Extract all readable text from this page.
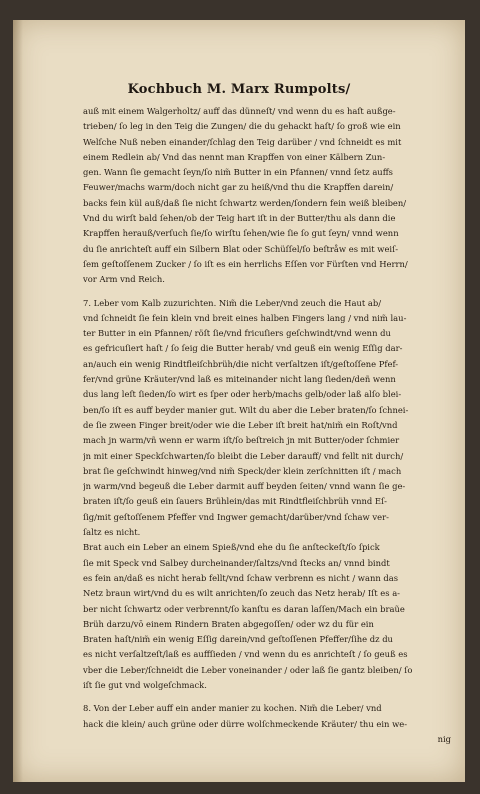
Kochbuch M. Marx Rumpolts/
auß mit einem Walgerholtz/ auff das dünneſt/ vnd wenn du es haſt außge-
trieben/ ſo leg in den Teig die Zungen/ die du gehackt haſt/ ſo groß wie ein
Welſche Nuß neben einander/ſchlag den Teig darüber / vnd ſchneidt es mit
einem Redlein ab/ Vnd das nennt man Krapffen von einer Kälbern Zun-
gen. Wann ſie gemacht ſeyn/ſo nim̃ Butter in ein Pfannen/ vnnd ſetz auffs
Feuwer/machs warm/doch nicht gar zu heiß/vnd thu die Krapffen darein/
backs fein kül auß/daß ſie nicht ſchwartz werden/ſondern fein weiß bleiben/
Vnd du wirſt bald ſehen/ob der Teig hart iſt in der Butter/thu als dann die
Krapffen herauß/verſuch ſie/ſo wirſtu ſehen/wie ſie ſo gut ſeyn/ vnnd wenn
du ſie anrichteſt auff ein Silbern Blat oder Schüſſel/ſo beſtråw es mit weiſ-
ſem geſtoſſenem Zucker / ſo iſt es ein herrlichs Eſſen vor Fürſten vnd Herrn/
vor Arm vnd Reich.
7. Leber vom Kalb zuzurichten. Nim̃ die Leber/vnd zeuch die Haut ab/
vnd ſchneidt ſie fein klein vnd breit eines halben Fingers lang / vnd nim̃ lau-
ter Butter in ein Pfannen/ röſt ſie/vnd fricuſiers geſchwindt/vnd wenn du
es gefricuſiert haſt / ſo ſeig die Butter herab/ vnd geuß ein wenig Eſſig dar-
an/auch ein wenig Rindtfleiſchbrüh/die nicht verſaltzen iſt/geſtoſſene Pfef-
fer/vnd grüne Kräuter/vnd laß es miteinander nicht lang ſieden/deñ wenn
dus lang leſt ſieden/ſo wirt es ſper oder herb/machs gelb/oder laß alſo blei-
ben/ſo iſt es auff beyder manier gut. Wilt du aber die Leber braten/ſo ſchnei-
de ſie zween Finger breit/oder wie die Leber iſt breit hat/nim̃ ein Roſt/vnd
mach jn warm/vñ wenn er warm iſt/ſo beſtreich jn mit Butter/oder ſchmier
jn mit einer Speckſchwarten/ſo bleibt die Leber darauff/ vnd fellt nit durch/
brat ſie geſchwindt hinweg/vnd nim̃ Speck/der klein zerſchnitten iſt / mach
jn warm/vnd begeuß die Leber darmit auff beyden ſeiten/ vnnd wann ſie ge-
braten iſt/ſo geuß ein ſauers Brühlein/das mit Rindtfleiſchbrüh vnnd Eſ-
ſig/mit geſtoſſenem Pfeffer vnd Ingwer gemacht/darüber/vnd ſchaw ver-
ſaltz es nicht.
Brat auch ein Leber an einem Spieß/vnd ehe du ſie anſteckeſt/ſo ſpick
ſie mit Speck vnd Salbey durcheinander/ſaltzs/vnd ſtecks an/ vnnd bindt
es fein an/daß es nicht herab fellt/vnd ſchaw verbrenn es nicht / wann das
Netz braun wirt/vnd du es wilt anrichten/ſo zeuch das Netz herab/ Iſt es a-
ber nicht ſchwartz oder verbrennt/ſo kanſtu es daran laſſen/Mach ein braũe
Brüh darzu/vō einem Rindern Braten abgegoſſen/ oder wz du für ein
Braten haſt/nim̃ ein wenig Eſſig darein/vnd geſtoſſenen Pfeffer/ſihe dz du
es nicht verſaltzeſt/laß es auffſieden / vnd wenn du es anrichteſt / ſo geuß es
vber die Leber/ſchneidt die Leber voneinander / oder laß ſie gantz bleiben/ ſo
iſt ſie gut vnd wolgeſchmack.
8. Von der Leber auff ein ander manier zu kochen. Nim̃ die Leber/ vnd
hack die klein/ auch grüne oder dürre wolſchmeckende Kräuter/ thu ein we-
nig
